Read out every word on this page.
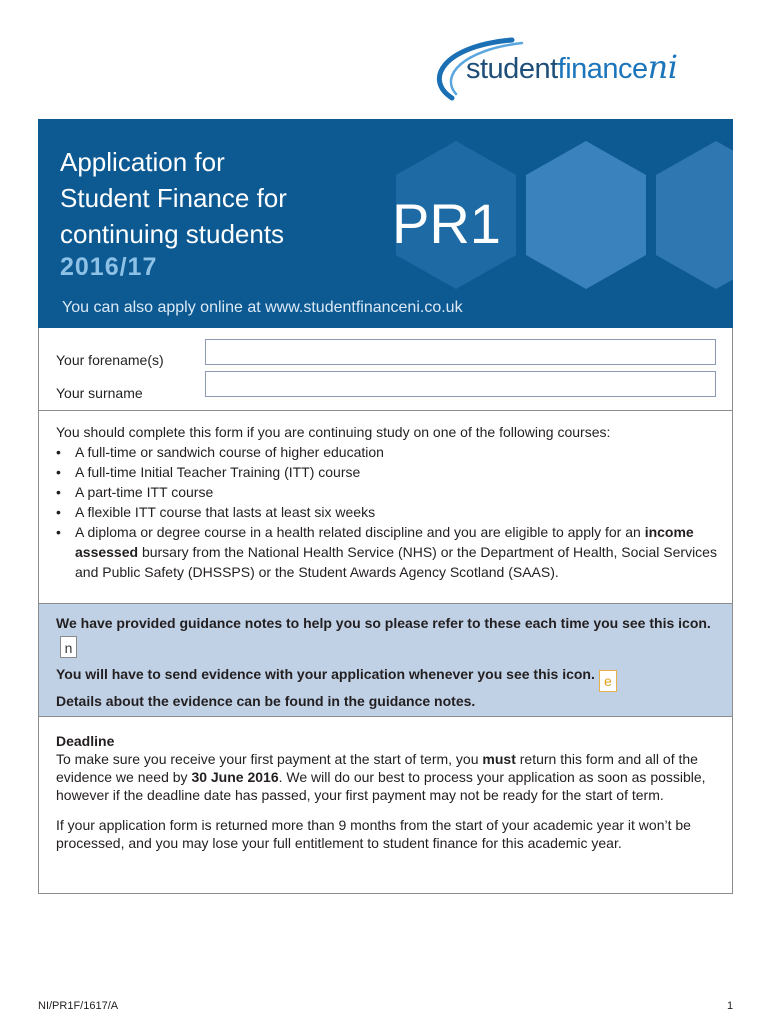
studentfinanceni
Application for
Student Finance for
continuing students
2016/17
PR1
You can also apply online at www.studentfinanceni.co.uk
Your forename(s)
Your surname
You should complete this form if you are continuing study on one of the following courses:
• A full-time or sandwich course of higher education
• A full-time Initial Teacher Training (ITT) course
• A part-time ITT course
• A flexible ITT course that lasts at least six weeks
• A diploma or degree course in a health related discipline and you are eligible to apply for an income assessed bursary from the National Health Service (NHS) or the Department of Health, Social Services and Public Safety (DHSSPS) or the Student Awards Agency Scotland (SAAS).

We have provided guidance notes to help you so please refer to these each time you see this icon.n

You will have to send evidence with your application whenever you see this icon. e
Details about the evidence can be found in the guidance notes.

Deadline

To make sure you receive your first payment at the start of term, you must return this form and all of the evidence we need by 30 June 2016. We will do our best to process your application as soon as possible, however if the deadline date has passed, your first payment may not be ready for the start of term.

If your application form is returned more than 9 months from the start of your academic year it won’t be processed, and you may lose your full entitlement to student finance for this academic year.

NI/PR1F/1617/A	1
